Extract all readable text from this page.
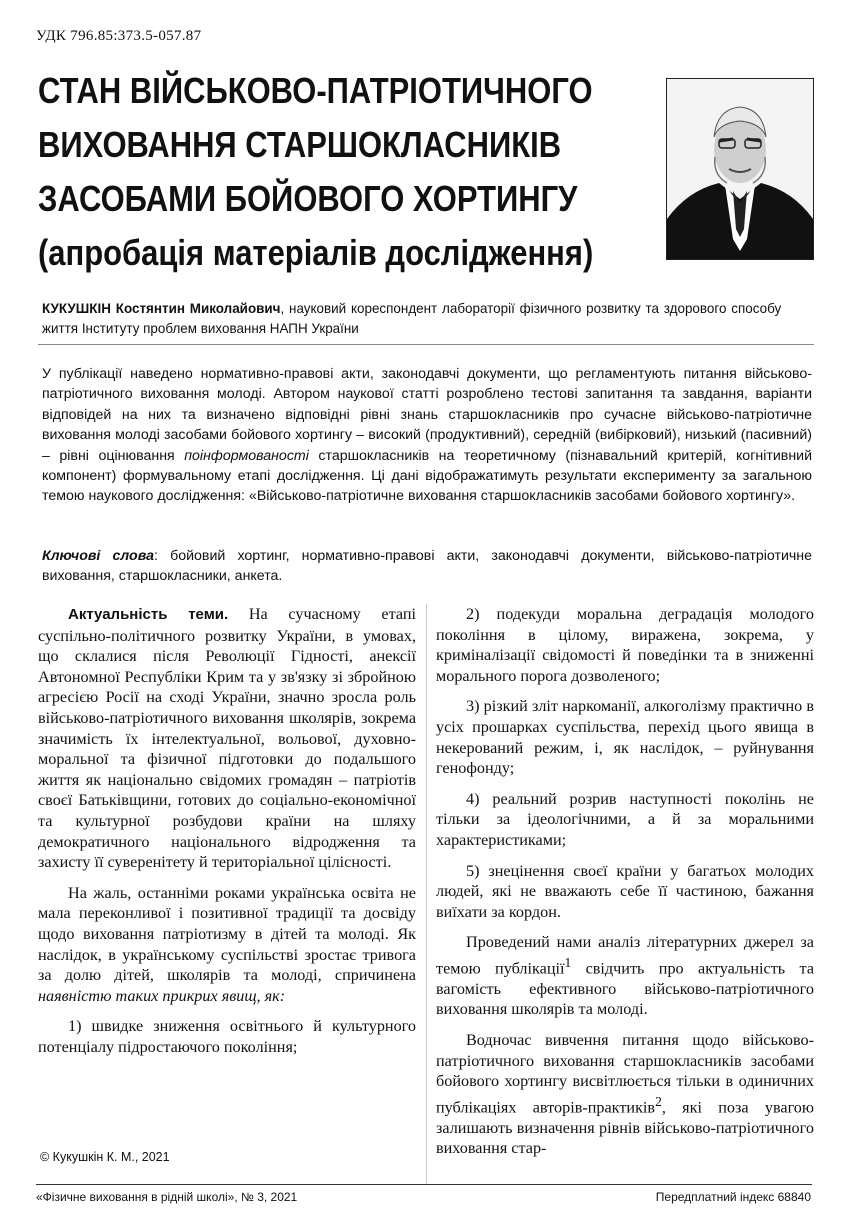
УДК 796.85:373.5-057.87
СТАН ВІЙСЬКОВО-ПАТРІОТИЧНОГО
ВИХОВАННЯ СТАРШОКЛАСНИКІВ
ЗАСОБАМИ БОЙОВОГО ХОРТИНГУ
(апробація матеріалів дослідження)
КУКУШКІН Костянтин Миколайович, науковий кореспондент лабораторії фізичного розвитку та здорового способу життя Інституту проблем виховання НАПН України
У публікації наведено нормативно-правові акти, законодавчі документи, що регламентують питання військово-патріотичного виховання молоді. Автором наукової статті розроблено тестові запитання та завдання, варіанти відповідей на них та визначено відповідні рівні знань старшокласників про сучасне військово-патріотичне виховання молоді засобами бойового хортингу – високий (продуктивний), середній (вибірковий), низький (пасивний) – рівні оцінювання поінформованості старшокласників на теоретичному (пізнавальний критерій, когнітивний компонент) формувальному етапі дослідження. Ці дані відображатимуть результати експерименту за загальною темою наукового дослідження: «Військово-патріотичне виховання старшокласників засобами бойового хортингу».
Ключові слова: бойовий хортинг, нормативно-правові акти, законодавчі документи, військово-патріотичне виховання, старшокласники, анкета.

Актуальність теми. На сучасному етапі суспільно-політичного розвитку України, в умовах, що склалися після Революції Гідності, анексії Автономної Республіки Крим та у зв'язку зі збройною агресією Росії на сході України, значно зросла роль військово-патріотичного виховання школярів, зокрема значимість їх інтелектуальної, вольової, духовно-моральної та фізичної підготовки до подальшого життя як національно свідомих громадян – патріотів своєї Батьківщини, готових до соціально-економічної та культурної розбудови країни на шляху демократичного національного відродження та захисту її суверенітету й територіальної цілісності.

На жаль, останніми роками українська освіта не мала переконливої і позитивної традиції та досвіду щодо виховання патріотизму в дітей та молоді. Як наслідок, в українському суспільстві зростає тривога за долю дітей, школярів та молоді, спричинена наявністю таких прикрих явищ, як:

1) швидке зниження освітнього й культурного потенціалу підростаючого покоління;

2) подекуди моральна деградація молодого покоління в цілому, виражена, зокрема, у криміналізації свідомості й поведінки та в зниженні морального порога дозволеного;

3) різкий зліт наркоманії, алкоголізму практично в усіх прошарках суспільства, перехід цього явища в некерований режим, і, як наслідок, – руйнування генофонду;

4) реальний розрив наступності поколінь не тільки за ідеологічними, а й за моральними характеристиками;

5) знецінення своєї країни у багатьох молодих людей, які не вважають себе її частиною, бажання виїхати за кордон.

Проведений нами аналіз літературних джерел за темою публікації$^1$ свідчить про актуальність та вагомість ефективного військово-патріотичного виховання школярів та молоді.

Водночас вивчення питання щодо військово-патріотичного виховання старшокласників засобами бойового хортингу висвітлюється тільки в одиничних публікаціях авторів-практиків$^2$, які поза увагою залишають визначення рівнів військово-патріотичного виховання стар-

© Кукушкін К. М., 2021
«Фізичне виховання в рідній школі», № 3, 2021	Передплатний індекс 68840
